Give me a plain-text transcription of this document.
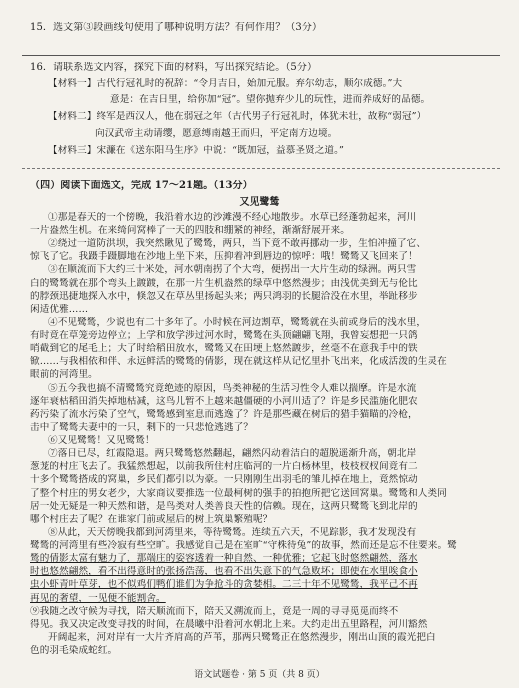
15．选文第③段画线句使用了哪种说明方法？有何作用？（3分）
16．请联系选文内容，探究下面的材料，写出探究结论。（5分）
【材料一】古代行冠礼时的祝辞：“令月吉日，始加元服。弃尔幼志，顺尔成德。”大
意是：在吉日里，给你加“冠”。望你抛弃少儿的玩性，进而养成好的品德。
【材料二】终军是西汉人，他在弱冠之年（古代男子行冠礼时，体犹未壮，故称“弱冠”）
向汉武帝主动请缨，愿意缚南越王而归，平定南方边境。
【材料三】宋濂在《送东阳马生序》中说：“既加冠，益慕圣贤之道。”
（四）阅读下面选文，完成 17～21题。（13分）
又见鹭鸶
①那是春天的一个傍晚，我沿着水边的沙滩漫不经心地散步。水草已经蓬勃起来，河川
一片盎然生机。在来绮问窝棒了一天的四肢和绷紧的神经，渐渐舒展开来。
②绕过一道防洪坝，我突然瞅见了鹭鸶，两只，当下竟不敢再挪动一步，生怕冲撞了它、
惊飞了它。我蹑手蹑脚地在沙地上坐下来，压抑着冲到唇边的惊呼：哦！鹭鸶又飞回来了！
③在顺流而下大约三十米处，河水朝南拐了个大弯，便拐出一大片生动的绿洲。两只雪
白的鹭鸶就在那个弯头上踱踱，在那一片生机盎然的绿草中悠然漫步；由浅优美到无与伦比
的脖颈迅捷地探入水中，倏忽又在草丛里扬起头来；两只鸿羽的长腿洽没在水里，举趾移步
闲适优雅……
④不见鹭鸶，少说也有二十多年了。小时候在河边割草，鹭鸶就在头前或身后的浅水里，
有时竟在草笼旁边停立；上学和放学涉过河水时，鹭鸶在头顶翩翩飞翔，我曾妄想把一只鸽
哨截到它的尾毛上；大了时给稻田放水，鹭鸶又在田埂上悠然踱步，丝毫不在意我手中的铁
锨……与我相依和伴、永远鲜活的鹭鸶的倩影，现在就这样从记忆里扑飞出来，化成活泼的生灵在
眼前的河湾里。
⑤五今我也搞不清鹭鸶究竟绝迹的原因，鸟类神秘的生活习性令人难以揣摩。许是水流
逐年衰枯稻田消失掉地枯减，这鸟儿暂不上越来越僵硬的小河川适了？许是乡民滥施化肥农
药污染了流水污染了空气，鹭鸶感到室息而逃逸了？许是那些藏在树后的猎手猫瞄的冷枪，
击中了鹭鸶夫妻中的一只，剩下的一只悲怆逃逃了？
⑥又见鹭鸶！又见鹭鸶！
⑦落日已尽，红霞隐退。两只鹭鸶悠然翻起，翩然闪动着洁白的超脱遥渐升高，朝北岸
葱茏的村庄飞去了。我猛然想起，以前我所住村庄临河的一片白杨林里，枝枝杈杈间竟有二
十多个鹭鸶搭成的窝巢，乡民们都引以为豪。一只刚刚生出羽毛的雏儿掉在地上，竟然惊动
了整个村庄的男女老少，大家商议要推选一位最柯树的强手的拍抱所把它送回窝巢。鹭鸶和人类同
居一处无疑是一种天然和谐，是鸟类对人类善良天性的信赖。现在，这两只鹭鸶飞到北岸的
哪个村庄去了呢？在谁家门前或屋后的树上筑巢繁殖呢？
⑧从此，天天傍晚我都到河湾里来，等待鹭鸶。连续五六天，不见踪影，我才发现没有
鹭鸶的河湾里有些冷寂有些空旷。我感觉自己是在室旷“守株待兔”的故事，然而还是忘不住要来。鹭
鸶的倩影太富有魅力了，那端庄的姿容透着一种自然、一种优雅；它起飞时悠然翩然，落水
时也悠然翩然，看不出得意时的张扬浩荡，也看不出失意下的气急败坏；即使在水里唉食小
虫小虾青叶草芽，也不似鸡们鸭们谁们为争抢斗的贪婪相。二三十年不见鹭鸶，我平己不再
再见的奢望，一见便不能割舍。
⑨我随之改守候为寻找，陪天顺流而下，陪天又溯流而上，竟是一周的寻寻觅觅而终不
得见。我又决定改变寻找的时间，在晨曦中沿着河水朝北上来。大约走出五里路程，河川豁然
开阔起来，河对岸有一大片齐肩高的芦苇，那两只鹭鸶正在悠然漫步，刚出山顶的霞光把白
色的羽毛染成蛇红。
语文试题卷 · 第 5 页（共 8 页）
